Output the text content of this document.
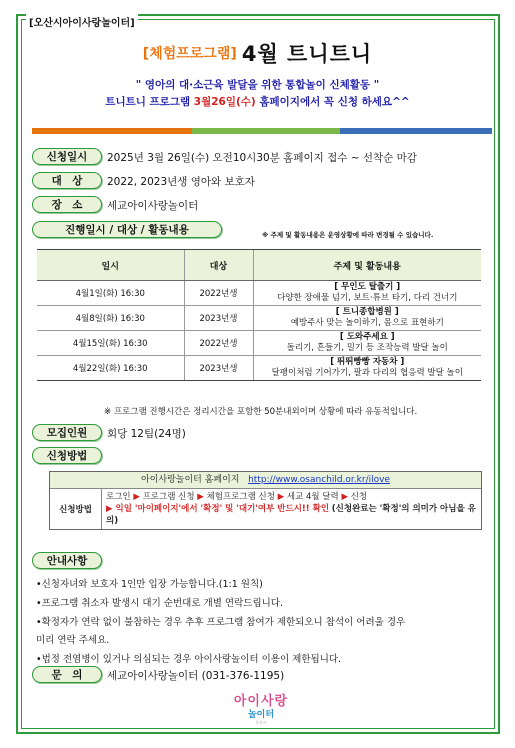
[오산시아이사랑놀이터]
[체험프로그램] 4월 트니트니
" 영아의 대·소근육 발달을 위한 통합놀이 신체활동 "
트니트니 프로그램 3월26일(수) 홈페이지에서 꼭 신청 하세요^^
신청일시	2025년 3월 26일(수) 오전10시30분 홈페이지 접수 ~ 선착순 마감
대　상	2022, 2023년생 영아와 보호자
장　소	세교아이사랑놀이터
진행일시 / 대상 / 활동내용	※ 주제 및 활동내용은 운영상황에 따라 변경될 수 있습니다.
일시	대상	주제 및 활동내용
4월1일(화) 16:30	2022년생	[ 무인도 탈출기 ]
다양한 장애물 넘기, 보트·튜브 타기, 다리 건너기

4월8일(화) 16:30	2023년생	[ 트니종합병원 ]
예방주사 맞는 놀이하기, 몸으로 표현하기

4월15일(화) 16:30	2022년생	[ 도와주세요 ]
돌리기, 흔들기, 밀기 등 조작능력 발달 놀이

4월22일(화) 16:30	2023년생	[ 뛰뛰빵빵 자동차 ]
달팽이처럼 기어가기, 팔과 다리의 협응력 발달 놀이
※ 프로그램 진행시간은 정리시간을 포함한 50분내외이며 상황에 따라 유동적입니다.
모집인원	회당 12팀(24명)
신청방법
아이사랑놀이터 홈페이지 http://www.osanchild.or.kr/ilove
신청방법
로그인 ▶ 프로그램 신청 ▶ 체험프로그램 신청 ▶ 세교 4월 달력 ▶ 신청
▶ 익일 '마이페이지'에서 '확정' 및 '대기'여부 반드시!! 확인 (신청완료는 '확정'의 의미가 아님을 유의)
안내사항
•신청자녀와 보호자 1인만 입장 가능합니다.(1:1 원칙)
•프로그램 취소자 발생시 대기 순번대로 개별 연락드립니다.
•확정자가 연락 없이 불참하는 경우 추후 프로그램 참여가 제한되오니 참석이 어려울 경우
미리 연락 주세요.
•법정 전염병이 있거나 의심되는 경우 아이사랑놀이터 이용이 제한됩니다.
문　의	세교아이사랑놀이터 (031-376-1195)
아이사랑
놀이터
오산시
